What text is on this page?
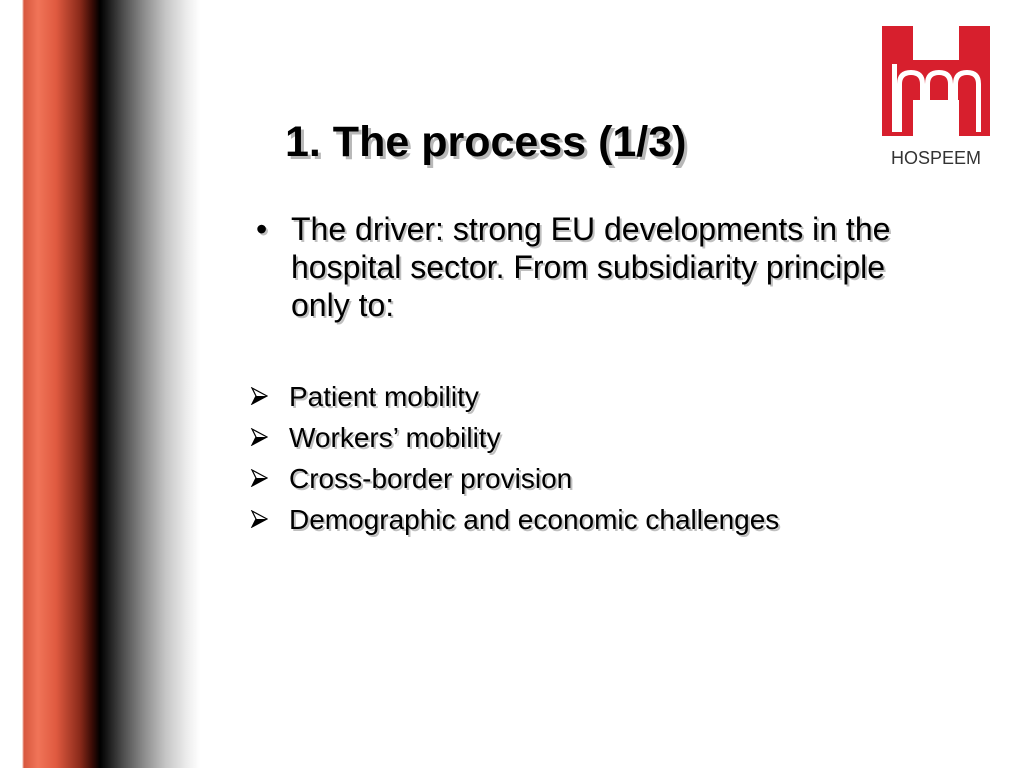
HOSPEEM
1. The process (1/3)
• The driver: strong EU developments in the hospital sector. From subsidiarity principle only to:
Patient mobility
Workers’ mobility
Cross-border provision
Demographic and economic challenges
